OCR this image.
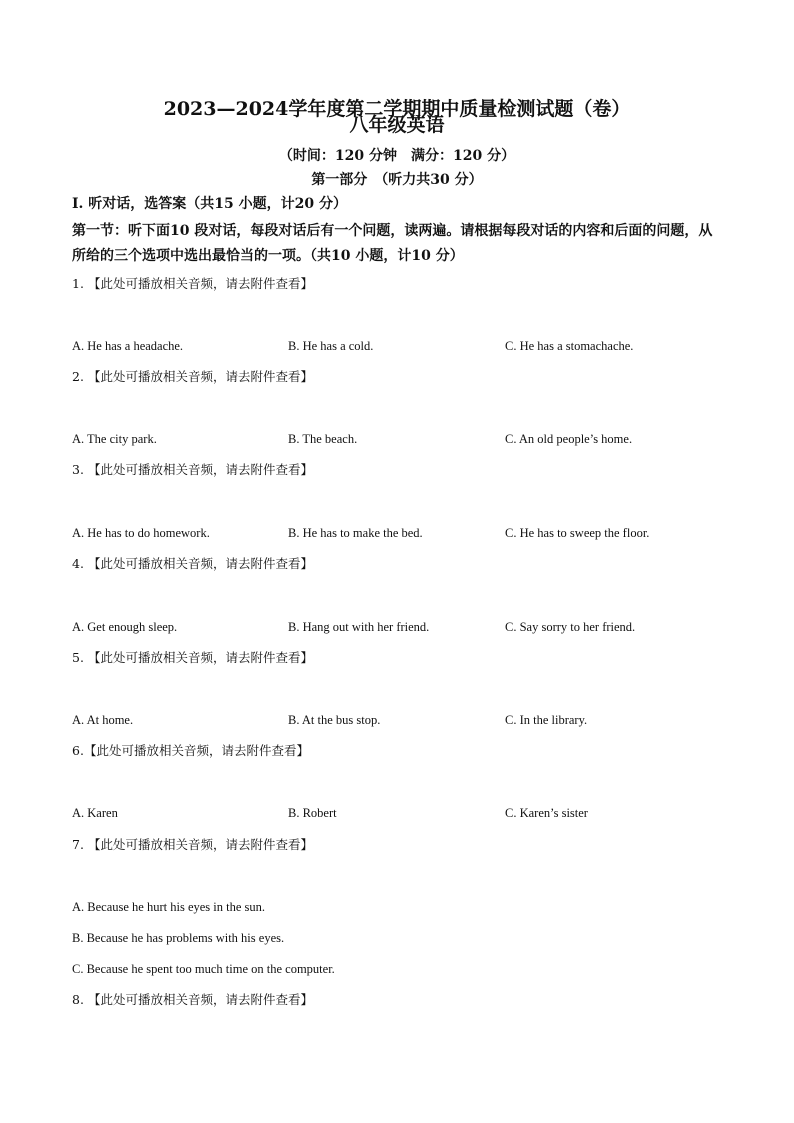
2023—2024学年度第二学期期中质量检测试题（卷）
八年级英语
（时间：120 分钟　满分：120 分）
第一部分　（听力共30 分）
Ⅰ. 听对话，选答案（共15 小题，计20 分）

第一节：听下面10 段对话，每段对话后有一个问题，读两遍。请根据每段对话的内容和后面的问题，从所给的三个选项中选出最恰当的一项。（共10 小题，计10 分）

1. 【此处可播放相关音频，请去附件查看】
A. He has a headache.	B. He has a cold.	C. He has a stomachache.
2. 【此处可播放相关音频，请去附件查看】
A. The city park.	B. The beach.	C. An old people’s home.
3. 【此处可播放相关音频，请去附件查看】
A. He has to do homework.	B. He has to make the bed.	C. He has to sweep the floor.
4. 【此处可播放相关音频，请去附件查看】
A. Get enough sleep.	B. Hang out with her friend.	C. Say sorry to her friend.
5. 【此处可播放相关音频，请去附件查看】
A. At home.	B. At the bus stop.	C. In the library.
6.【此处可播放相关音频，请去附件查看】
A. Karen	B. Robert	C. Karen’s sister
7. 【此处可播放相关音频，请去附件查看】
A. Because he hurt his eyes in the sun.
B. Because he has problems with his eyes.
C. Because he spent too much time on the computer.
8. 【此处可播放相关音频，请去附件查看】
